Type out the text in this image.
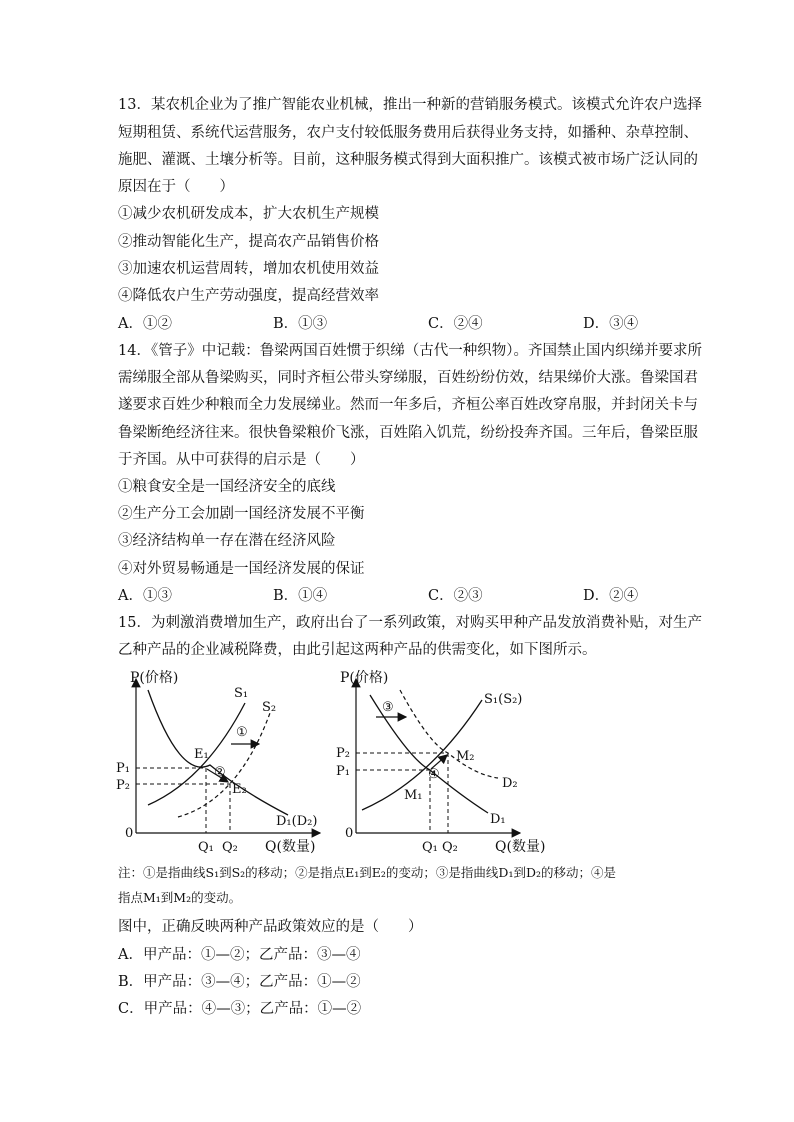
13．某农机企业为了推广智能农业机械，推出一种新的营销服务模式。该模式允许农户选择
短期租赁、系统代运营服务，农户支付较低服务费用后获得业务支持，如播种、杂草控制、
施肥、灌溉、土壤分析等。目前，这种服务模式得到大面积推广。该模式被市场广泛认同的
原因在于（　　）
①减少农机研发成本，扩大农机生产规模
②推动智能化生产，提高农产品销售价格
③加速农机运营周转，增加农机使用效益
④降低农户生产劳动强度，提高经营效率
A．①②	B．①③	C．②④	D．③④
14．《管子》中记载：鲁梁两国百姓惯于织绨（古代一种织物）。齐国禁止国内织绨并要求所
需绨服全部从鲁梁购买，同时齐桓公带头穿绨服，百姓纷纷仿效，结果绨价大涨。鲁梁国君
遂要求百姓少种粮而全力发展绨业。然而一年多后，齐桓公率百姓改穿帛服，并封闭关卡与
鲁梁断绝经济往来。很快鲁梁粮价飞涨，百姓陷入饥荒，纷纷投奔齐国。三年后，鲁梁臣服
于齐国。从中可获得的启示是（　　）
①粮食安全是一国经济安全的底线
②生产分工会加剧一国经济发展不平衡
③经济结构单一存在潜在经济风险
④对外贸易畅通是一国经济发展的保证
A．①③	B．①④	C．②③	D．②④
15．为刺激消费增加生产，政府出台了一系列政策，对购买甲种产品发放消费补贴，对生产
乙种产品的企业减税降费，由此引起这两种产品的供需变化，如下图所示。
P(价格)
0
Q(数量)
P₁
P₂
Q₁ Q₂
S₁
S₂
D₁(D₂)
E₁
E₂
①
②
P(价格)
0
Q(数量)
P₂
P₁
Q₁ Q₂
S₁(S₂)
D₂
D₁
M₁
M₂
③
④
注：①是指曲线S₁到S₂的移动；②是指点E₁到E₂的变动；③是指曲线D₁到D₂的移动；④是
指点M₁到M₂的变动。
图中，正确反映两种产品政策效应的是（　　）
A．甲产品：①—②；乙产品：③—④
B．甲产品：③—④；乙产品：①—②
C．甲产品：④—③；乙产品：①—②
